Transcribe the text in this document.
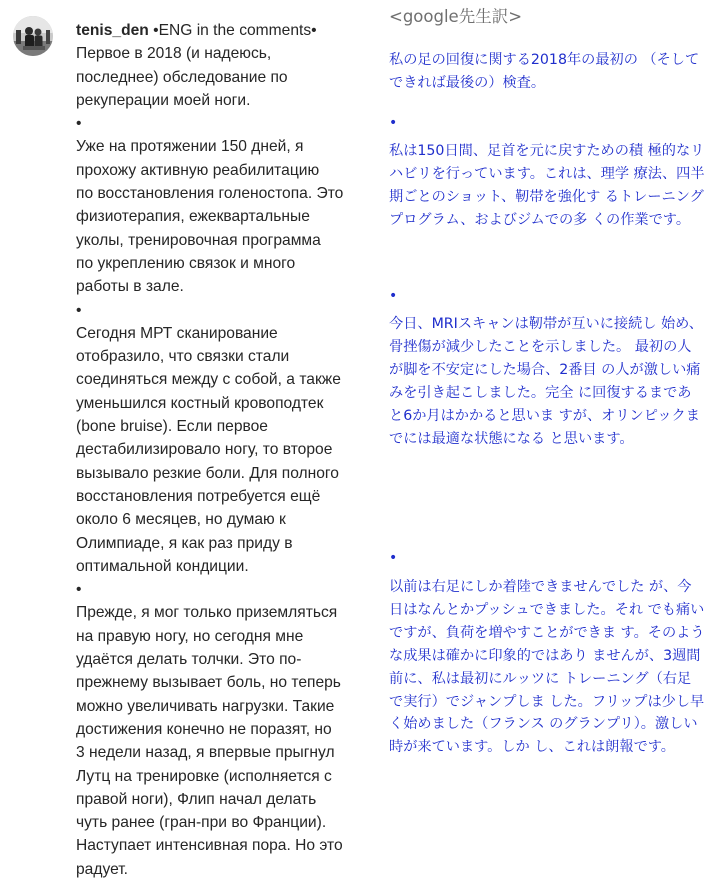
tenis_den •ENG in the comments•
Первое в 2018 (и надеюсь,
последнее) обследование по
рекуперации моей ноги.
•

Уже на протяжении 150 дней, я
прохожу активную реабилитацию
по восстановления голеностопа. Это
физиотерапия, ежеквартальные
уколы, тренировочная программа
по укреплению связок и много
работы в зале.
•

Сегодня МРТ сканирование
отобразило, что связки стали
соединяться между с собой, а также
уменьшился костный кровоподтек
(bone bruise). Если первое
дестабилизировало ногу, то второе
вызывало резкие боли. Для полного
восстановления потребуется ещё
около 6 месяцев, но думаю к
Олимпиаде, я как раз приду в
оптимальной кондиции.
•

Прежде, я мог только приземляться
на правую ногу, но сегодня мне
удаётся делать толчки. Это по-
прежнему вызывает боль, но теперь
можно увеличивать нагрузки. Такие
достижения конечно не поразят, но
3 недели назад, я впервые прыгнул
Лутц на тренировке (исполняется с
правой ноги), Флип начал делать
чуть ранее (гран-при во Франции).
Наступает интенсивная пора. Но это
радует.

<google先生訳>

私の足の回復に関する2018年の最初の （そしてできれば最後の）検査。

•

私は150日間、足首を元に戻すための積 極的なリハビリを行っています。これは、理学 療法、四半期ごとのショット、靭帯を強化す るトレーニングプログラム、およびジムでの多 くの作業です。

•

今日、MRIスキャンは靭帯が互いに接続し 始め、骨挫傷が減少したことを示しました。 最初の人が脚を不安定にした場合、2番目 の人が激しい痛みを引き起こしました。完全 に回復するまであと6か月はかかると思いま すが、オリンピックまでには最適な状態になる と思います。

•

以前は右足にしか着陸できませんでした が、今日はなんとかプッシュできました。それ でも痛いですが、負荷を増やすことができま す。そのような成果は確かに印象的ではあり ませんが、3週間前に、私は最初にルッツに トレーニング（右足で実行）でジャンプしま した。フリップは少し早く始めました（フランス のグランプリ）。激しい時が来ています。しか し、これは朗報です。
